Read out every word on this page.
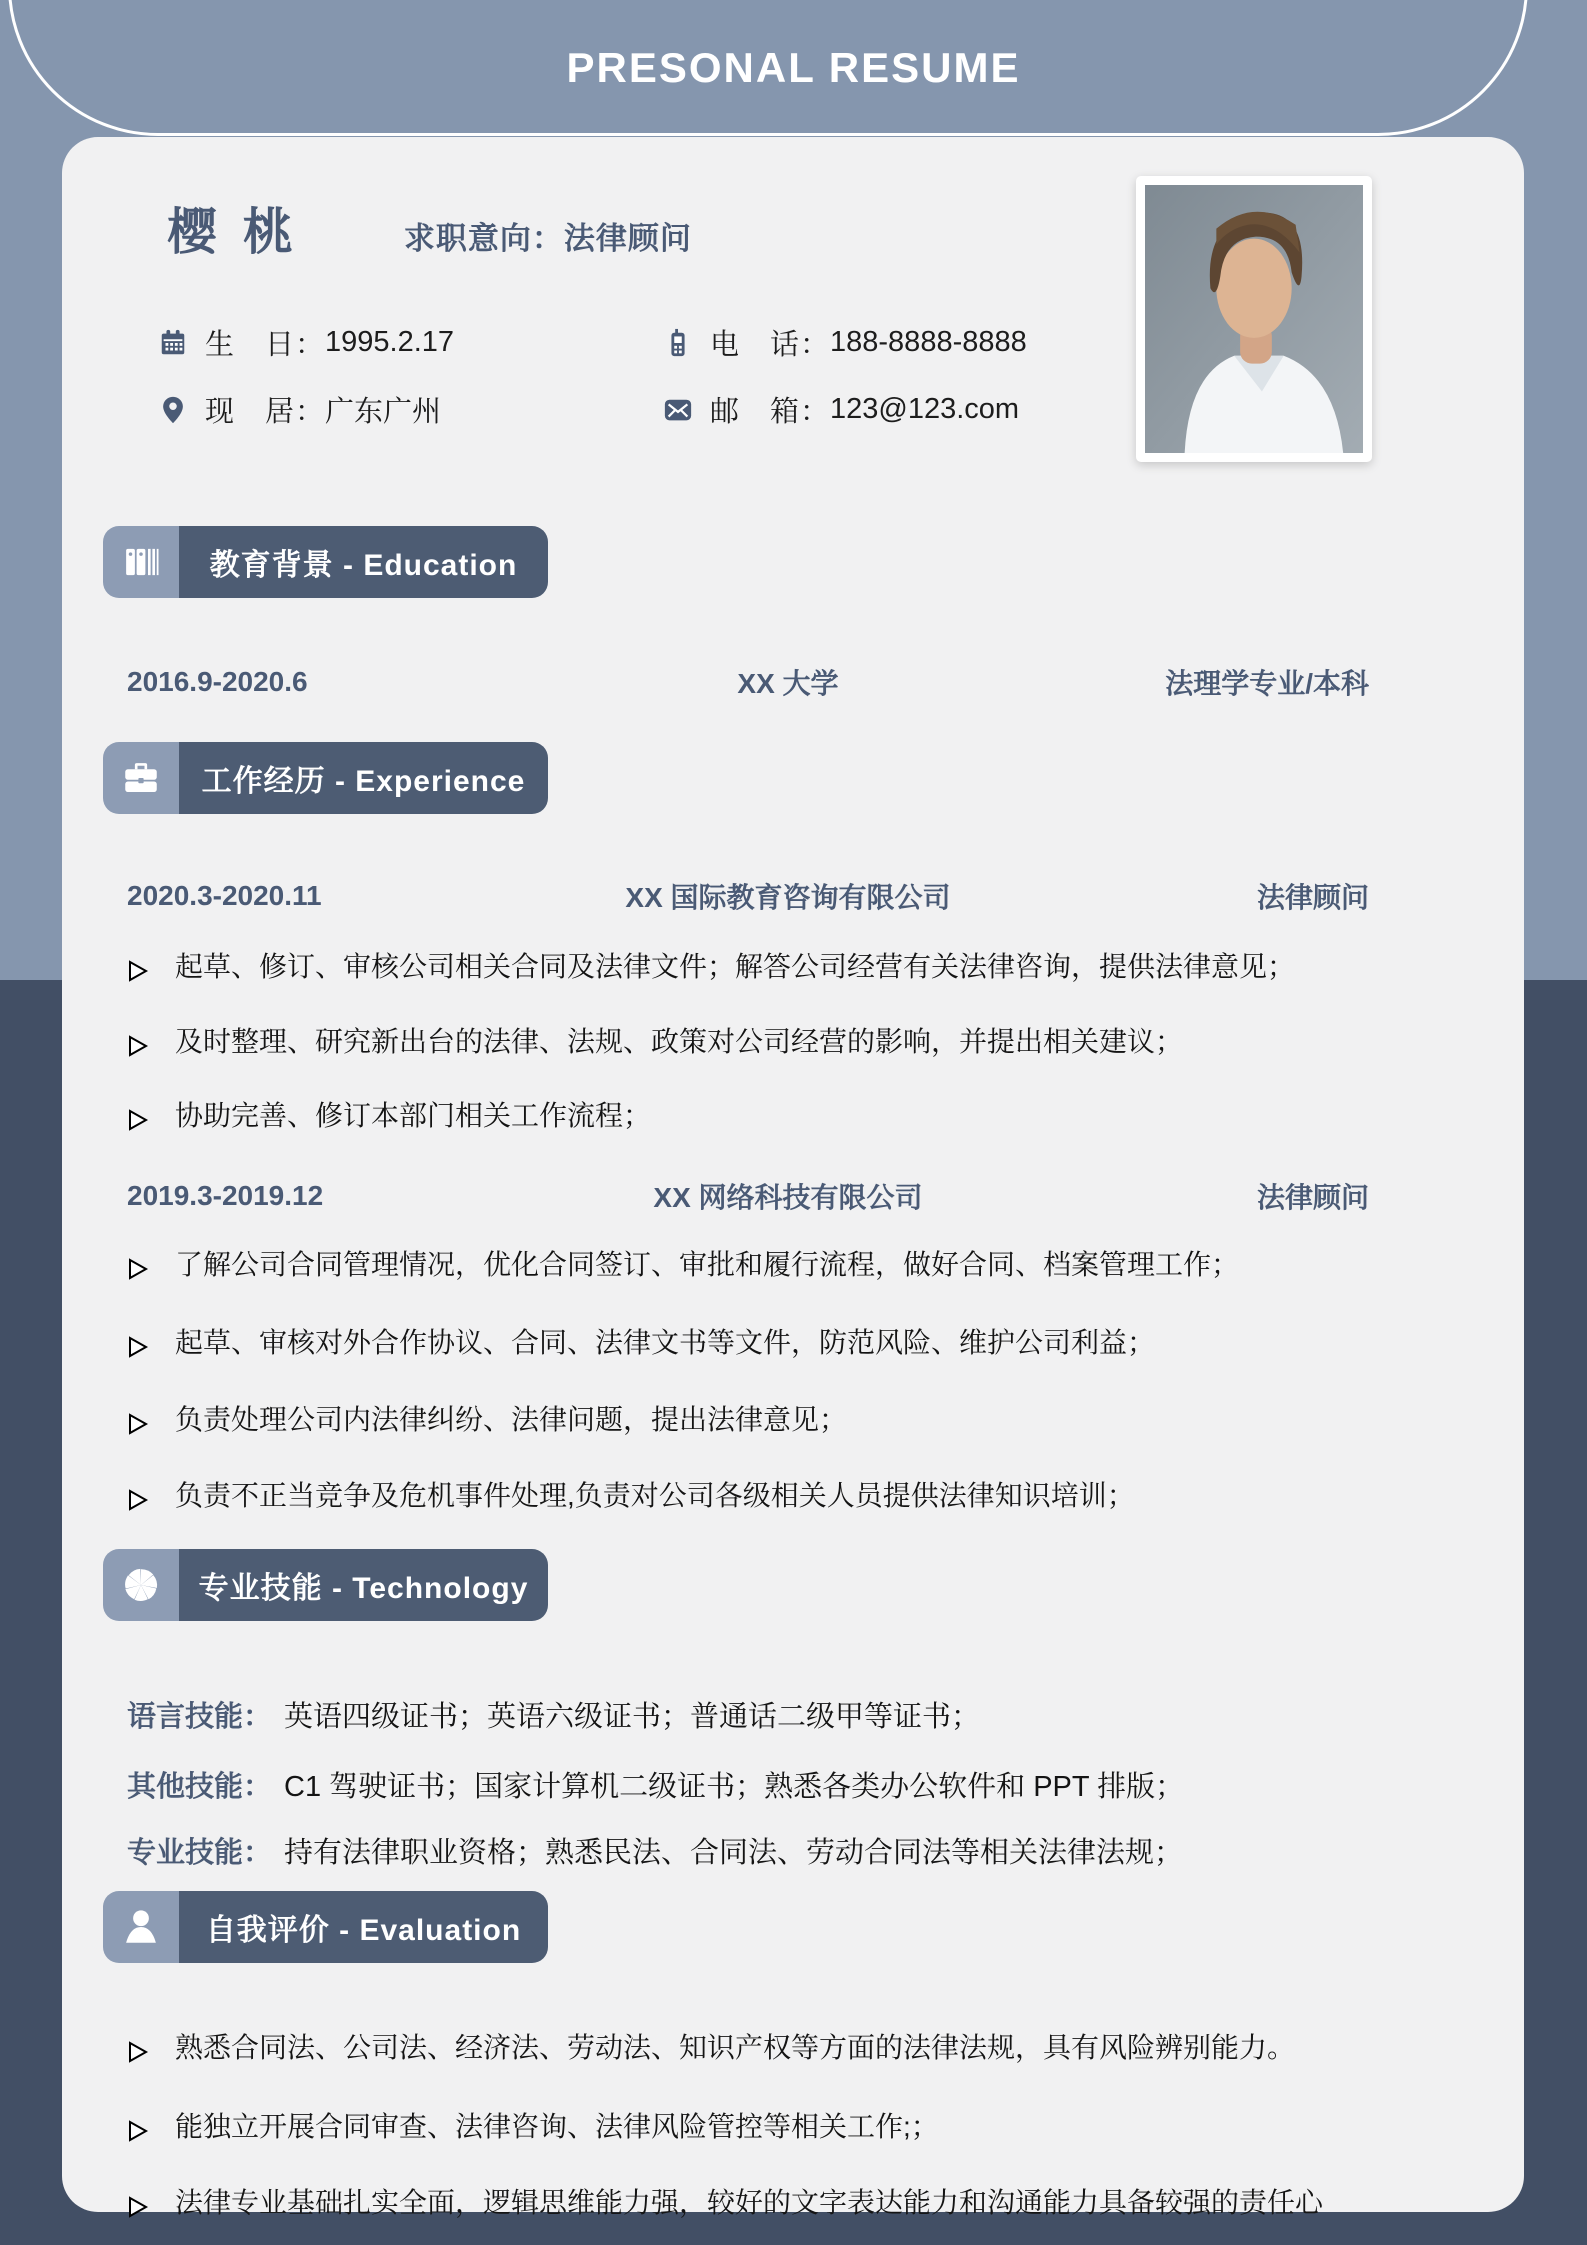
PRESONAL RESUME
樱 桃	求职意向：法律顾问
生　日： 1995.2.17	电　话： 188-8888-8888
现　居： 广东广州	邮　箱： 123@123.com
教育背景 - Education
2016.9-2020.6	XX 大学	法理学专业/本科
工作经历 - Experience
2020.3-2020.11	XX 国际教育咨询有限公司	法律顾问
起草、修订、审核公司相关合同及法律文件；解答公司经营有关法律咨询，提供法律意见；
及时整理、研究新出台的法律、法规、政策对公司经营的影响，并提出相关建议；
协助完善、修订本部门相关工作流程；
2019.3-2019.12	XX 网络科技有限公司	法律顾问
了解公司合同管理情况，优化合同签订、审批和履行流程，做好合同、档案管理工作；
起草、审核对外合作协议、合同、法律文书等文件，防范风险、维护公司利益；
负责处理公司内法律纠纷、法律问题，提出法律意见；
负责不正当竞争及危机事件处理,负责对公司各级相关人员提供法律知识培训；
专业技能 - Technology
语言技能： 英语四级证书；英语六级证书；普通话二级甲等证书；
其他技能： C1 驾驶证书；国家计算机二级证书；熟悉各类办公软件和 PPT 排版；
专业技能： 持有法律职业资格；熟悉民法、合同法、劳动合同法等相关法律法规；
自我评价 - Evaluation
熟悉合同法、公司法、经济法、劳动法、知识产权等方面的法律法规，具有风险辨别能力。
能独立开展合同审查、法律咨询、法律风险管控等相关工作;；
法律专业基础扎实全面，逻辑思维能力强，较好的文字表达能力和沟通能力具备较强的责任心
